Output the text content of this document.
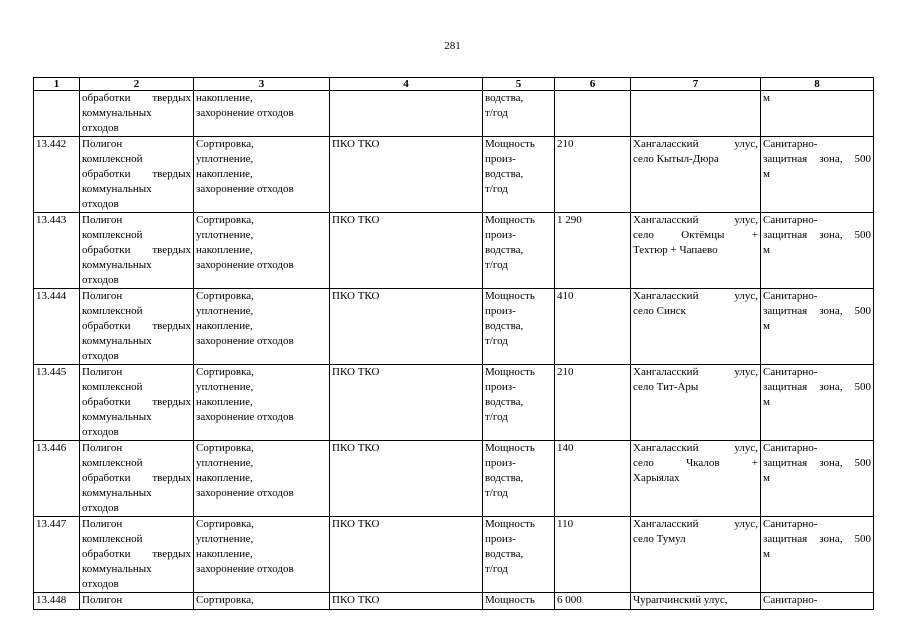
281
1	2	3	4	5	6	7	8

	обработки твердых
коммунальных
отходов	накопление,
захоронение отходов		водства,
т/год			м

13.442	Полигон
комплексной
обработки твердых
коммунальных
отходов	Сортировка,
уплотнение,
накопление,
захоронение отходов	ПКО ТКО	Мощность
произ-
водства,
т/год	210	Хангаласский улус,
село Кытыл-Дюра	Санитарно-
защитная зона, 500
м

13.443	Полигон
комплексной
обработки твердых
коммунальных
отходов	Сортировка,
уплотнение,
накопление,
захоронение отходов	ПКО ТКО	Мощность
произ-
водства,
т/год	1 290	Хангаласский улус,
село Октёмцы +
Техтюр + Чапаево	Санитарно-
защитная зона, 500
м

13.444	Полигон
комплексной
обработки твердых
коммунальных
отходов	Сортировка,
уплотнение,
накопление,
захоронение отходов	ПКО ТКО	Мощность
произ-
водства,
т/год	410	Хангаласский улус,
село Синск	Санитарно-
защитная зона, 500
м

13.445	Полигон
комплексной
обработки твердых
коммунальных
отходов	Сортировка,
уплотнение,
накопление,
захоронение отходов	ПКО ТКО	Мощность
произ-
водства,
т/год	210	Хангаласский улус,
село Тит-Ары	Санитарно-
защитная зона, 500
м

13.446	Полигон
комплексной
обработки твердых
коммунальных
отходов	Сортировка,
уплотнение,
накопление,
захоронение отходов	ПКО ТКО	Мощность
произ-
водства,
т/год	140	Хангаласский улус,
село Чкалов +
Харыялах	Санитарно-
защитная зона, 500
м

13.447	Полигон
комплексной
обработки твердых
коммунальных
отходов	Сортировка,
уплотнение,
накопление,
захоронение отходов	ПКО ТКО	Мощность
произ-
водства,
т/год	110	Хангаласский улус,
село Тумул	Санитарно-
защитная зона, 500
м

13.448	Полигон	Сортировка,	ПКО ТКО	Мощность	6 000	Чурапчинский улус,	Санитарно-
